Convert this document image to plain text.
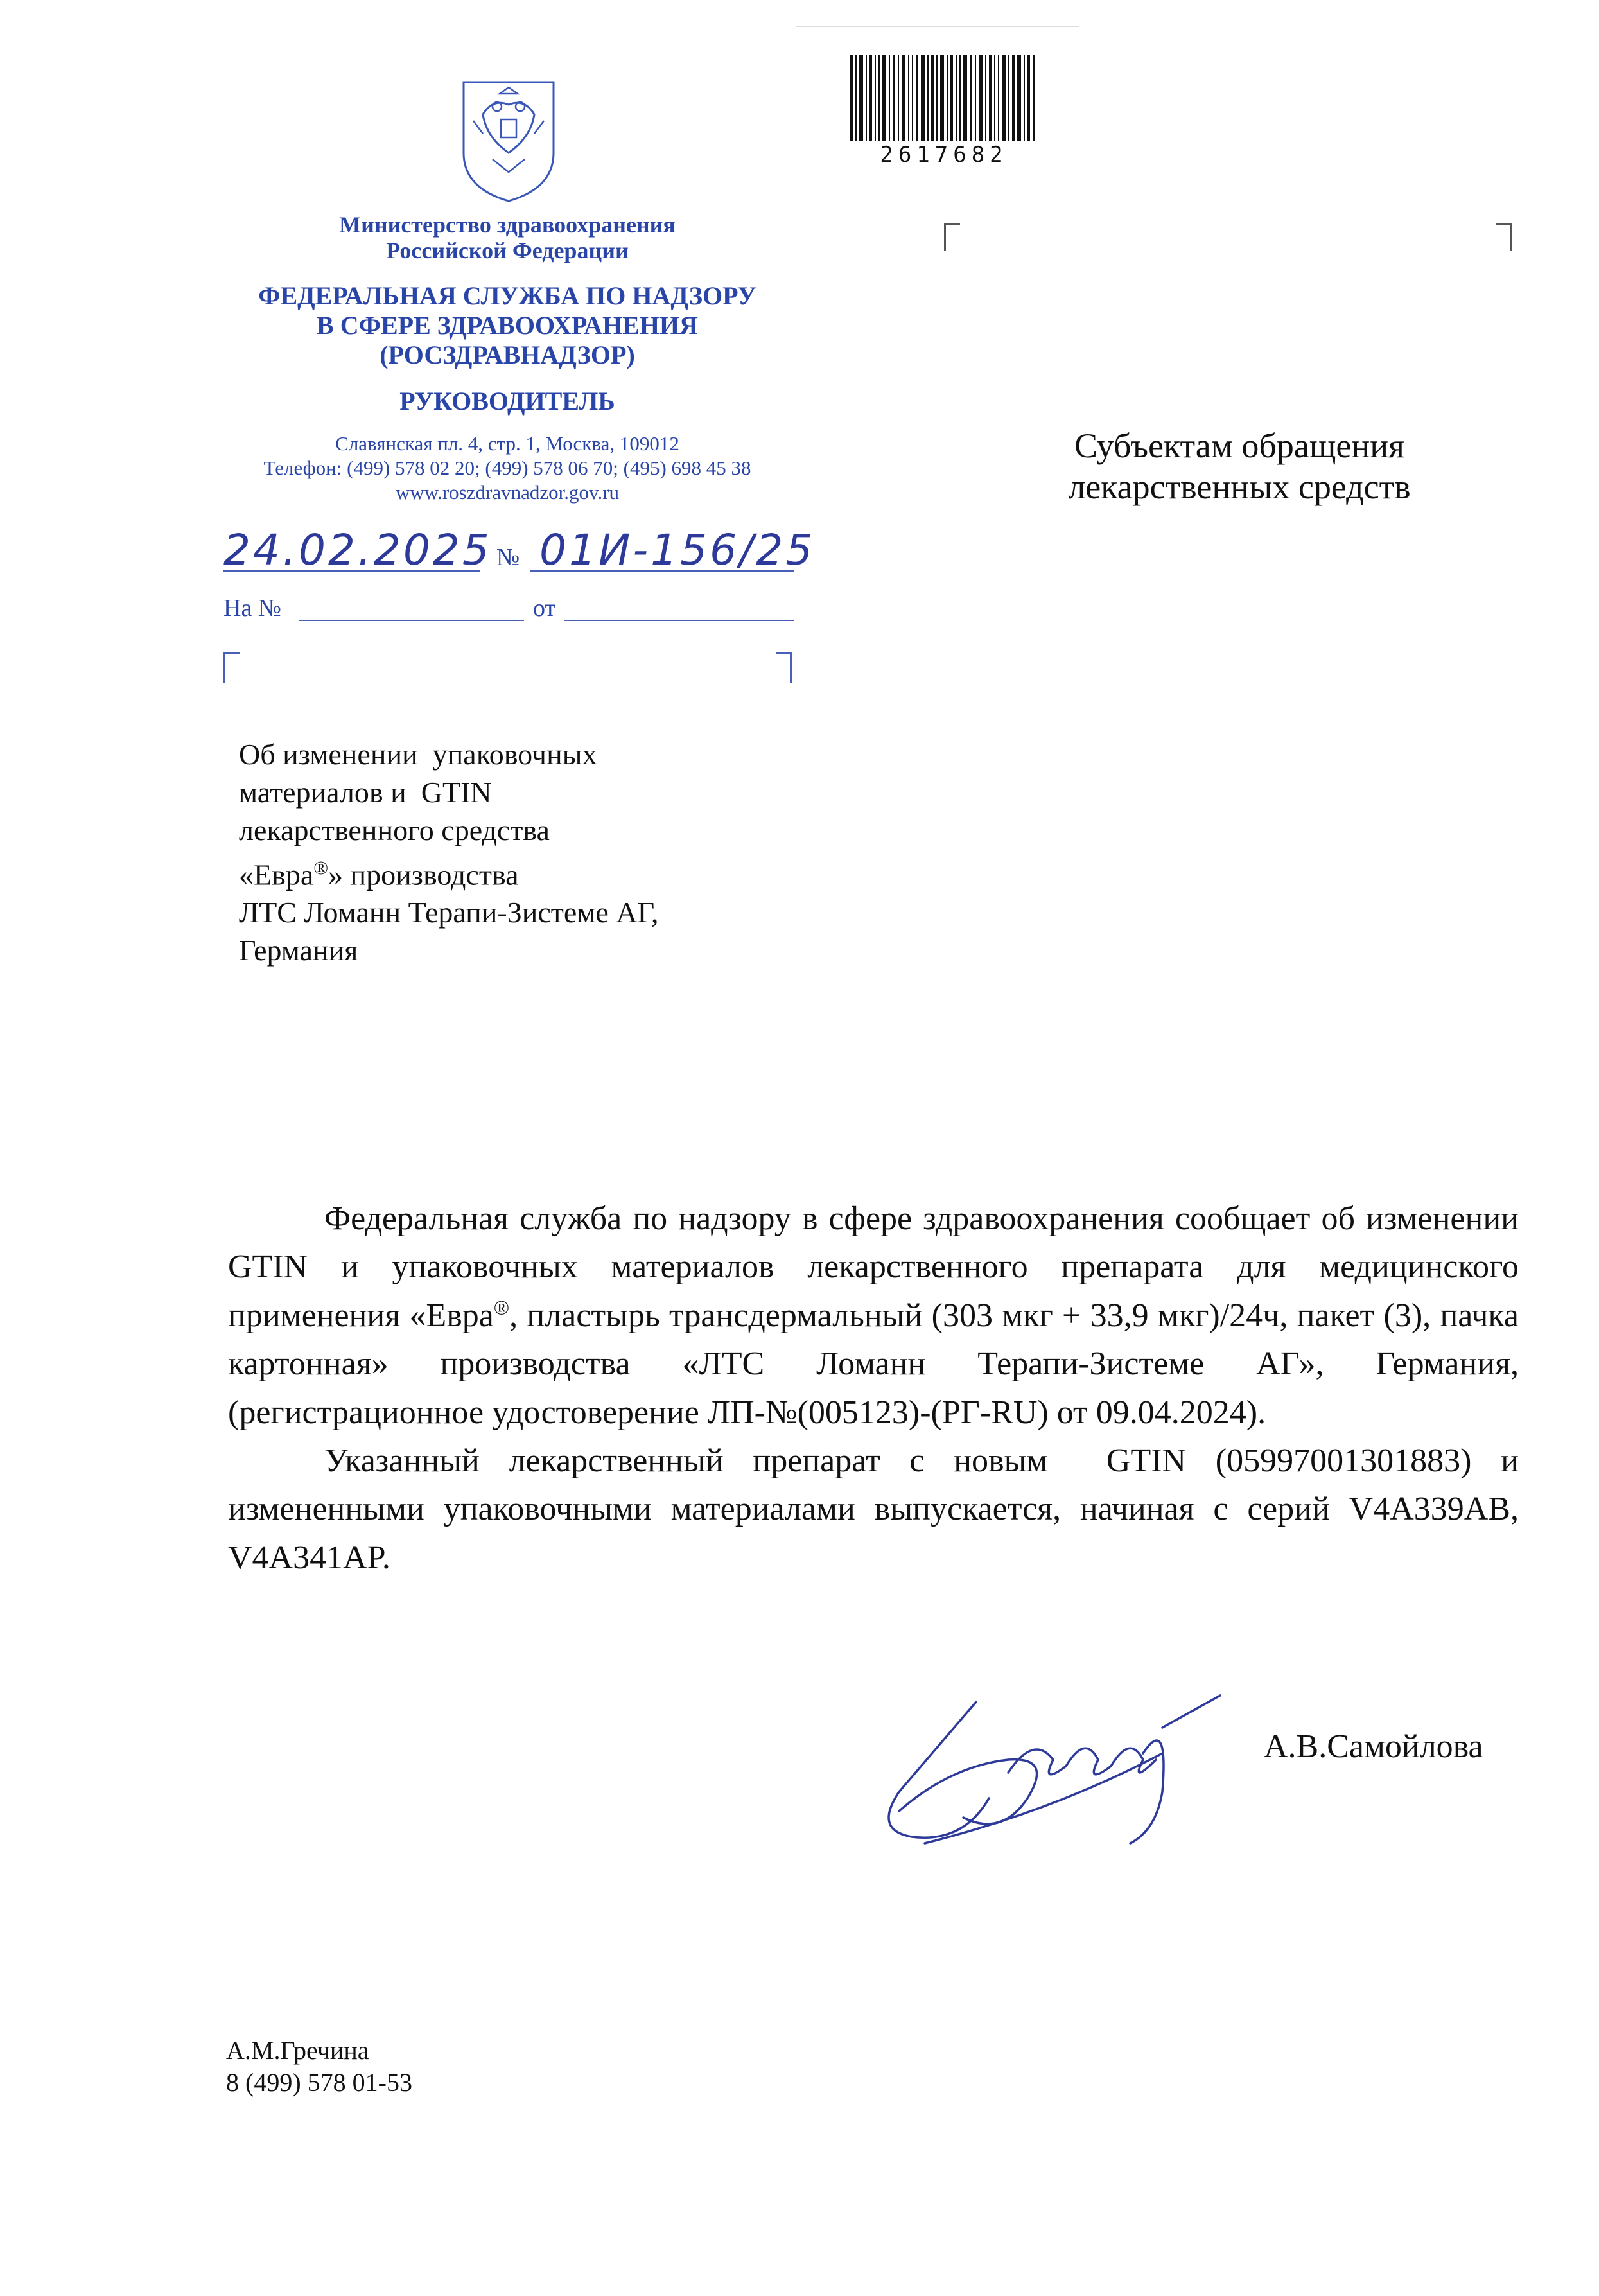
2617682
Министерство здравоохранения
Российской Федерации
ФЕДЕРАЛЬНАЯ СЛУЖБА ПО НАДЗОРУ
В СФЕРЕ ЗДРАВООХРАНЕНИЯ
(РОСЗДРАВНАДЗОР)
РУКОВОДИТЕЛЬ
Славянская пл. 4, стр. 1, Москва, 109012
Телефон: (499) 578 02 20; (499) 578 06 70; (495) 698 45 38
www.roszdravnadzor.gov.ru
24.02.2025 № 01И-156/25
На №	от
Субъектам обращения
лекарственных средств
Об изменении  упаковочных
материалов и  GTIN
лекарственного средства
«Евра®» производства
ЛТС Ломанн Терапи-Зистеме АГ,
Германия

Федеральная служба по надзору в сфере здравоохранения сообщает об изменении GTIN и упаковочных материалов лекарственного препарата для медицинского применения «Евра®, пластырь трансдермальный (303 мкг + 33,9 мкг)/24ч, пакет (3), пачка картонная» производства «ЛТС Ломанн Терапи-Зистеме АГ», Германия, (регистрационное удостоверение ЛП-№(005123)-(РГ-RU) от 09.04.2024).

Указанный лекарственный препарат с новым  GTIN (05997001301883) и измененными упаковочными материалами выпускается, начиная с серий V4A339AB, V4A341AP.

А.В.Самойлова
А.М.Гречина
8 (499) 578 01-53
